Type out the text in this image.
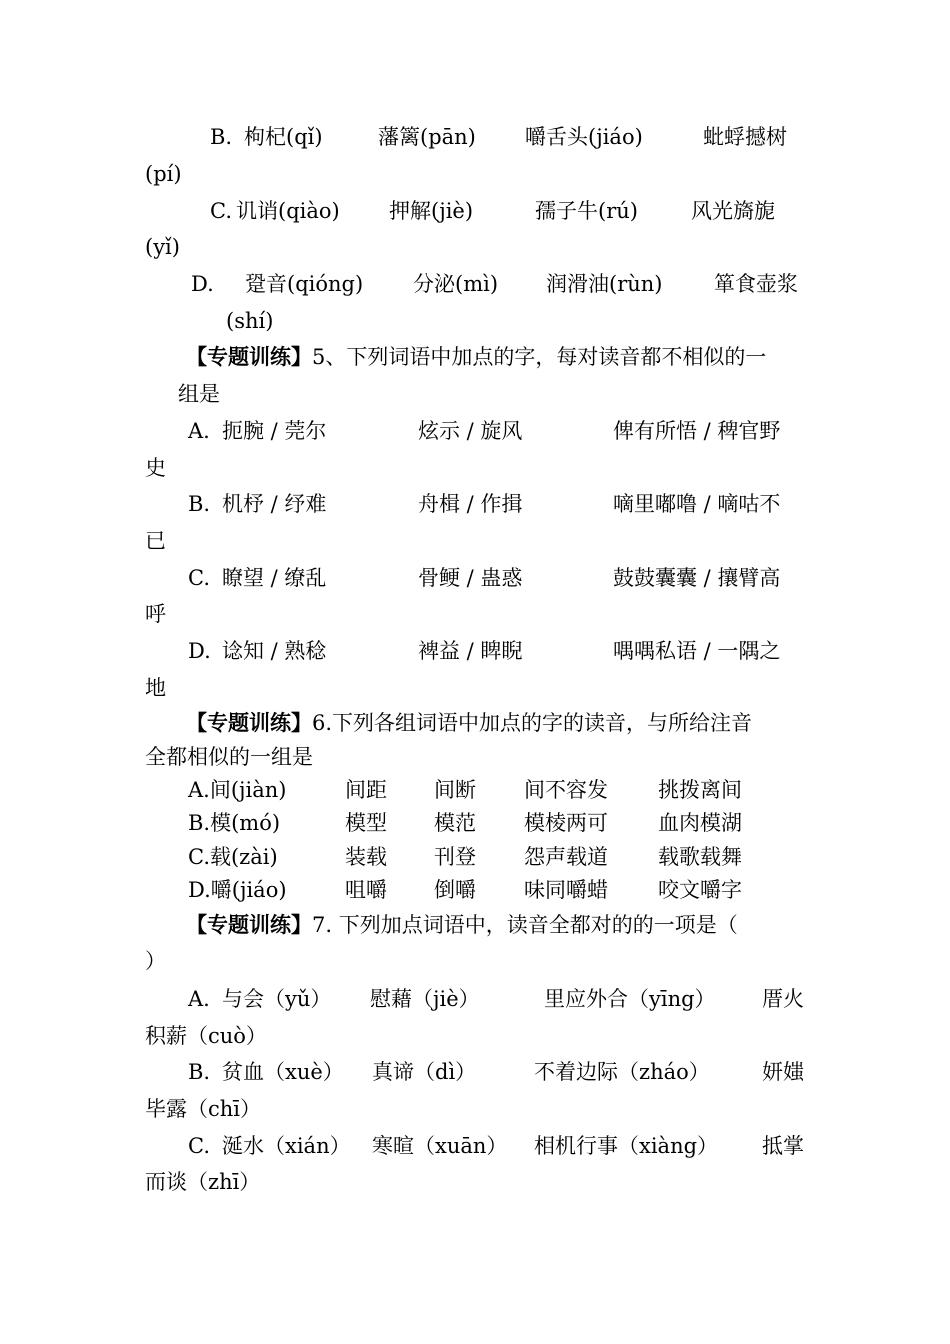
B. 枸杞(qǐ)	藩篱(pān) 嚼舌头(jiáo)	蚍蜉撼树
(pí)
C. 讥诮(qiào) 押解(jiè)	孺子牛(rú)	风光旖旎
(yǐ)
D. 跫音(qióng) 分泌(mì) 润滑油(rùn) 箪食壶浆
(shí)
【专题训练】5、下列词语中加点的字，每对读音都不相似的一
组是
A. 扼腕 / 莞尔	炫示 / 旋风	俾有所悟 / 稗官野
史
B. 机杼 / 纾难	舟楫 / 作揖	嘀里嘟噜 / 嘀咕不
已
C. 瞭望 / 缭乱	骨鲠 / 蛊惑	鼓鼓囊囊 / 攘臂高
呼
D. 谂知 / 熟稔	裨益 / 睥睨	喁喁私语 / 一隅之
地
【专题训练】6.下列各组词语中加点的字的读音，与所给注音
全都相似的一组是
A.间(jiàn)	间距 间断 间不容发 挑拨离间
B.模(mó)	模型 模范 模棱两可 血肉模湖
C.载(zài)	装载 刊登 怨声载道 载歌载舞
D.嚼(jiáo)	咀嚼 倒嚼 味同嚼蜡 咬文嚼字
【专题训练】7. 下列加点词语中，读音全都对的的一项是（
）
A. 与会（yǔ） 慰藉（jiè）	里应外合（yīng） 厝火
积薪（cuò）
B. 贫血（xuè） 真谛（dì）	不着边际（zháo） 妍媸
毕露（chī）
C. 涎水（xián） 寒暄（xuān） 相机行事（xiàng） 抵掌
而谈（zhī）
